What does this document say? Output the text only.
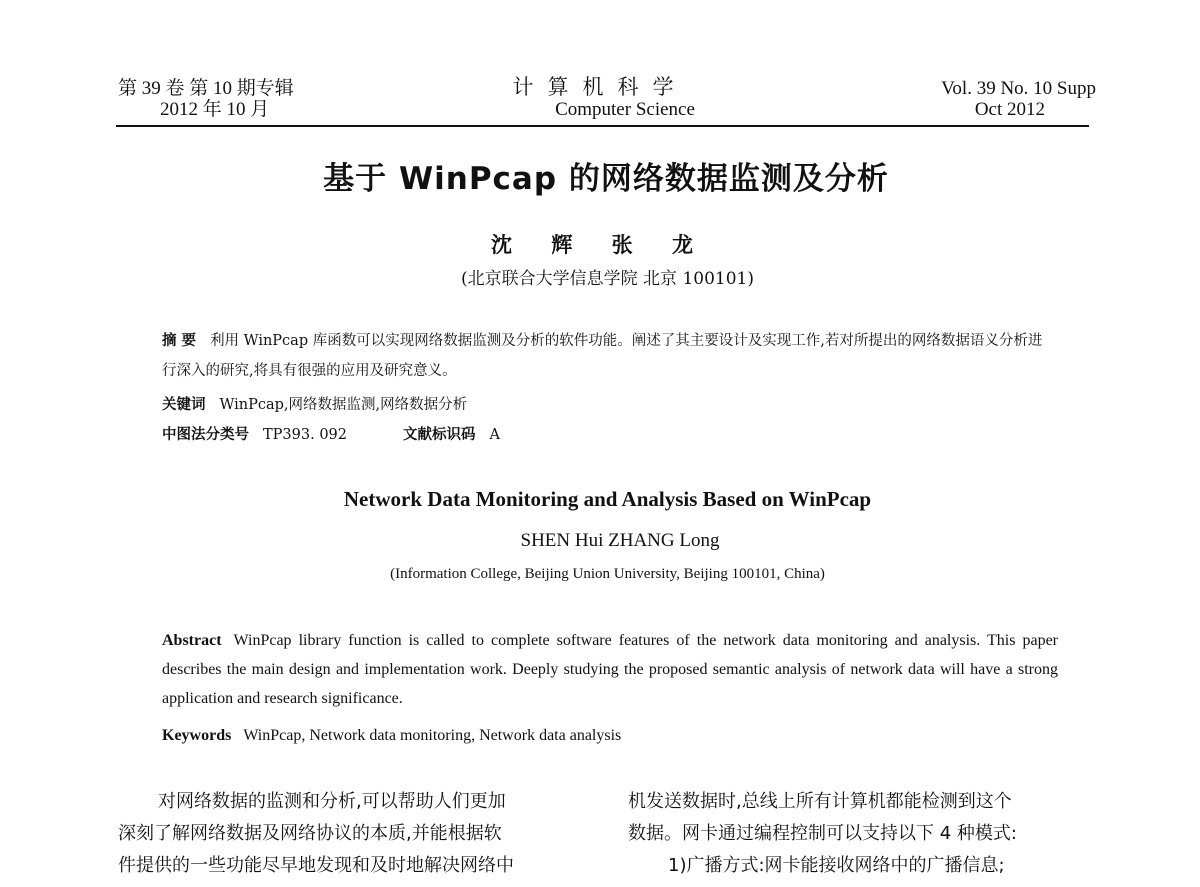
第 39 卷 第 10 期专辑
2012 年 10 月
计算机科学
Computer Science
Vol. 39 No. 10 Supp
Oct 2012
基于 WinPcap 的网络数据监测及分析
沈 辉 张 龙
(北京联合大学信息学院 北京 100101)
摘 要 利用 WinPcap 库函数可以实现网络数据监测及分析的软件功能。阐述了其主要设计及实现工作,若对所提出的网络数据语义分析进行深入的研究,将具有很强的应用及研究意义。
关键词 WinPcap,网络数据监测,网络数据分析
中图法分类号 TP393. 092	文献标识码 A
Network Data Monitoring and Analysis Based on WinPcap
SHEN Hui ZHANG Long
(Information College, Beijing Union University, Beijing 100101, China)
Abstract WinPcap library function is called to complete software features of the network data monitoring and analysis. This paper describes the main design and implementation work. Deeply studying the proposed semantic analysis of network data will have a strong application and research significance.
Keywords WinPcap, Network data monitoring, Network data analysis

对网络数据的监测和分析,可以帮助人们更加

深刻了解网络数据及网络协议的本质,并能根据软

件提供的一些功能尽早地发现和及时地解决网络中

机发送数据时,总线上所有计算机都能检测到这个

数据。网卡通过编程控制可以支持以下 4 种模式:

1)广播方式:网卡能接收网络中的广播信息;
